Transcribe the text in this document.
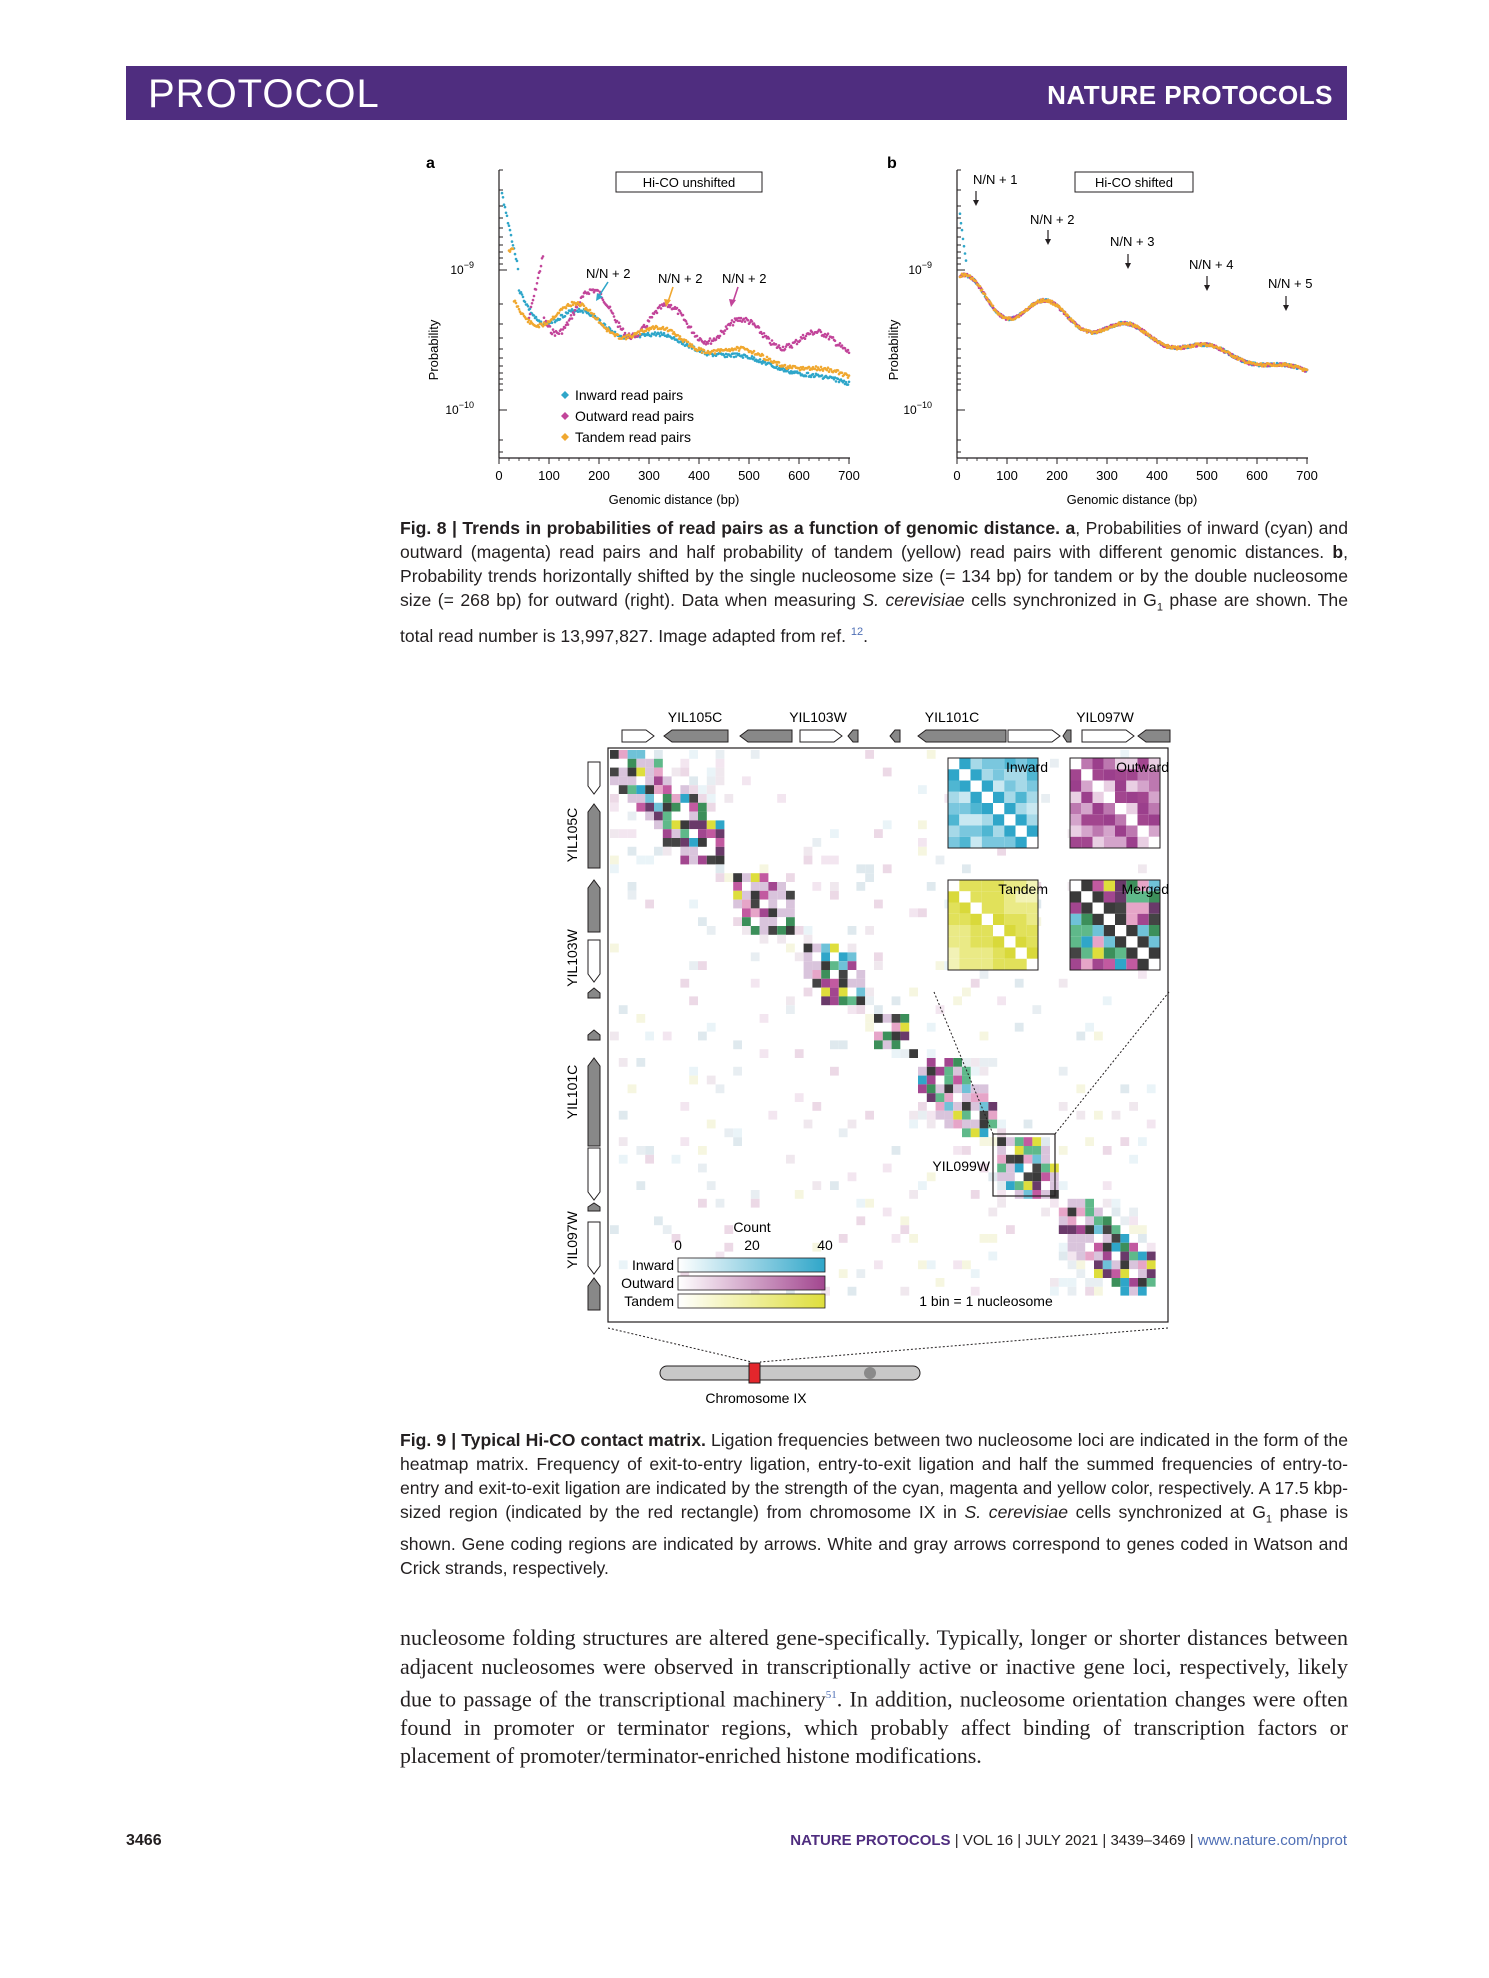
PROTOCOL	NATURE PROTOCOLS
a
Probability
0	100 200 300 400 500 600 700
$10^{-9}$
$10^{-10}$
Genomic distance (bp)
Hi-CO unshifted
N/N + 2 N/N + 2 N/N + 2
Inward read pairs
Outward read pairs
Tandem read pairs
b
Probability
0	100 200 300 400 500 600 700
$10^{-9}$
$10^{-10}$
Genomic distance (bp)
Hi-CO shifted
N/N + 1
N/N + 2
N/N + 3
N/N + 4
N/N + 5
Fig. 8 | Trends in probabilities of read pairs as a function of genomic distance. a, Probabilities of inward (cyan) and outward (magenta) read pairs and half probability of tandem (yellow) read pairs with different genomic distances. b, Probability trends horizontally shifted by the single nucleosome size (= 134 bp) for tandem or by the double nucleosome size (= 268 bp) for outward (right). Data when measuring S. cerevisiae cells synchronized in $G_1$ phase are shown. The total read number is 13,997,827. Image adapted from ref. $^{12}$.
YIL105C	YIL103W	YIL101C	YIL097W
YIL105C
YIL103W
YIL101C
YIL097W
Inward	Outward
Tandem	Merged
YIL099W
Count
0	20	40
Inward
Outward
Tandem	1 bin = 1 nucleosome
Chromosome IX
Fig. 9 | Typical Hi-CO contact matrix. Ligation frequencies between two nucleosome loci are indicated in the form of the heatmap matrix. Frequency of exit-to-entry ligation, entry-to-exit ligation and half the summed frequencies of entry-to-entry and exit-to-exit ligation are indicated by the strength of the cyan, magenta and yellow color, respectively. A 17.5 kbp-sized region (indicated by the red rectangle) from chromosome IX in S. cerevisiae cells synchronized at $G_1$ phase is shown. Gene coding regions are indicated by arrows. White and gray arrows correspond to genes coded in Watson and Crick strands, respectively.
nucleosome folding structures are altered gene-specifically. Typically, longer or shorter distances between adjacent nucleosomes were observed in transcriptionally active or inactive gene loci, respectively, likely due to passage of the transcriptional machinery$^{51}$. In addition, nucleosome orientation changes were often found in promoter or terminator regions, which probably affect binding of transcription factors or placement of promoter/terminator-enriched histone modifications.
3466	NATURE PROTOCOLS | VOL 16 | JULY 2021 | 3439–3469 | www.nature.com/nprot
